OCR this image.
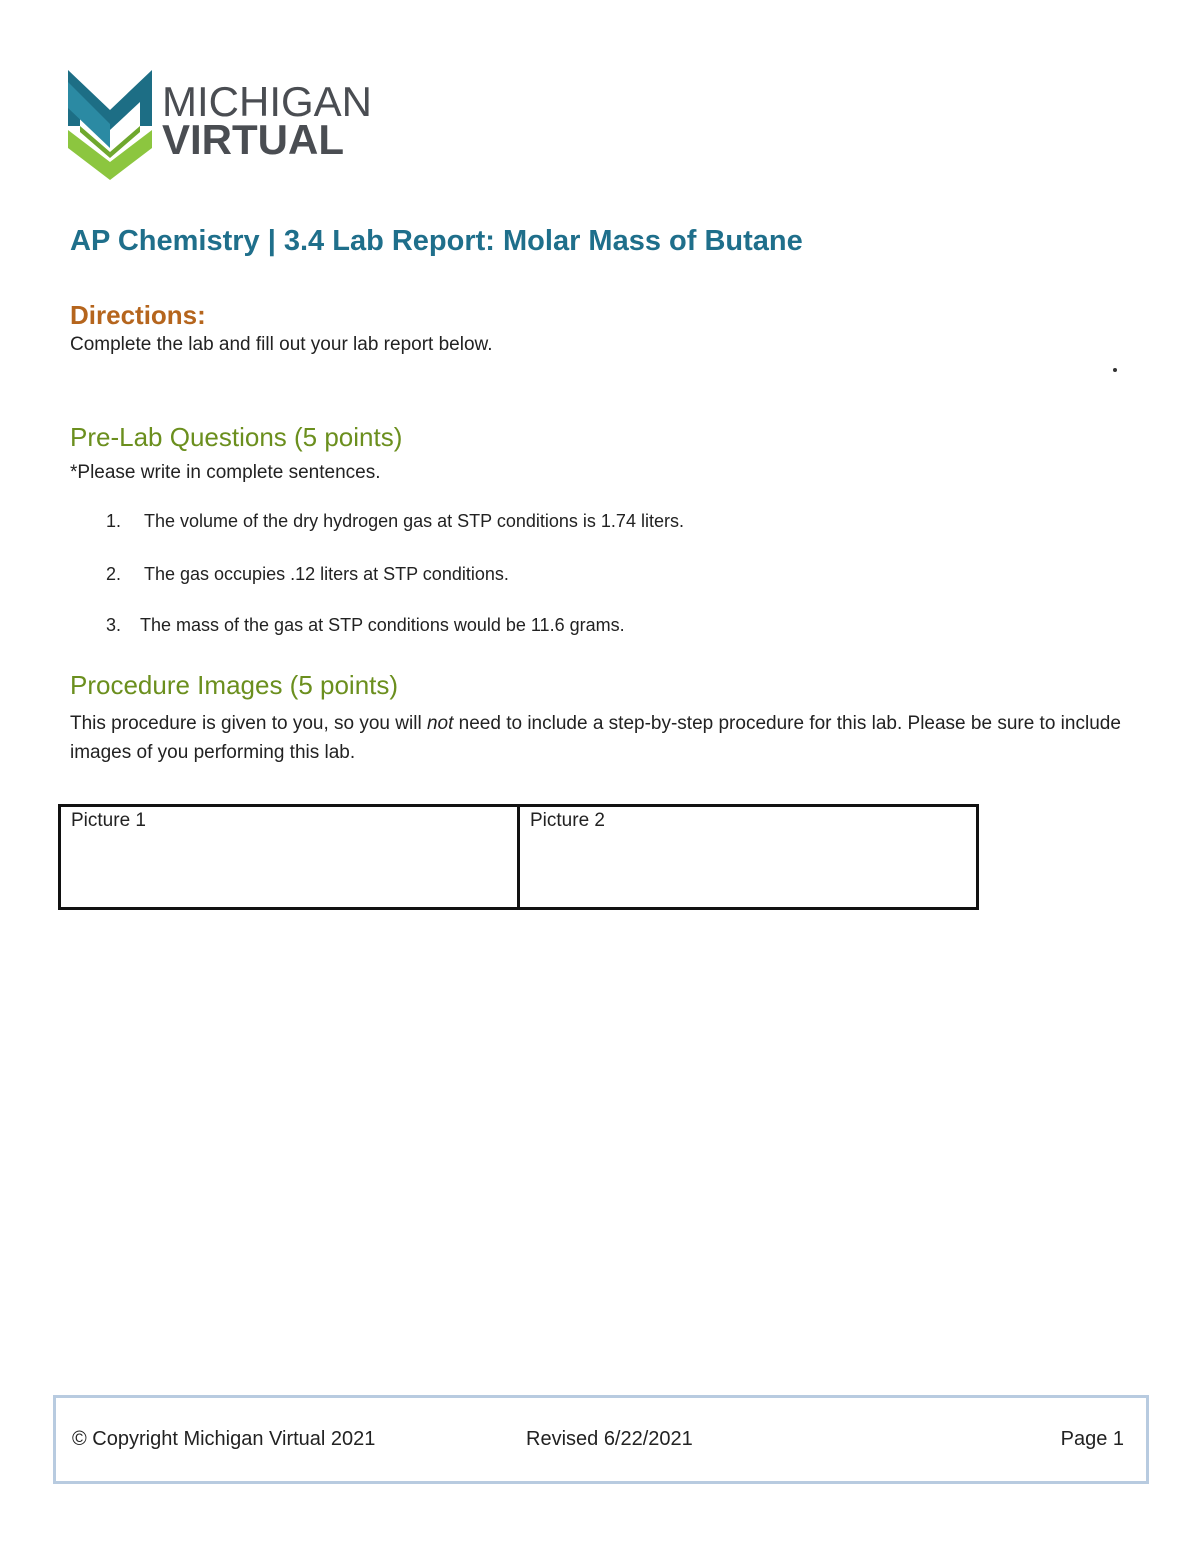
MICHIGAN
VIRTUAL
AP Chemistry | 3.4 Lab Report: Molar Mass of Butane
Directions:
Complete the lab and fill out your lab report below.
Pre-Lab Questions (5 points)
*Please write in complete sentences.
1. The volume of the dry hydrogen gas at STP conditions is 1.74 liters.
2. The gas occupies .12 liters at STP conditions.
3. The mass of the gas at STP conditions would be 11.6 grams.
Procedure Images (5 points)
This procedure is given to you, so you will not need to include a step-by-step procedure for this lab. Please be sure to include images of you performing this lab.
Picture 1	Picture 2
© Copyright Michigan Virtual 2021	Revised 6/22/2021	Page 1
